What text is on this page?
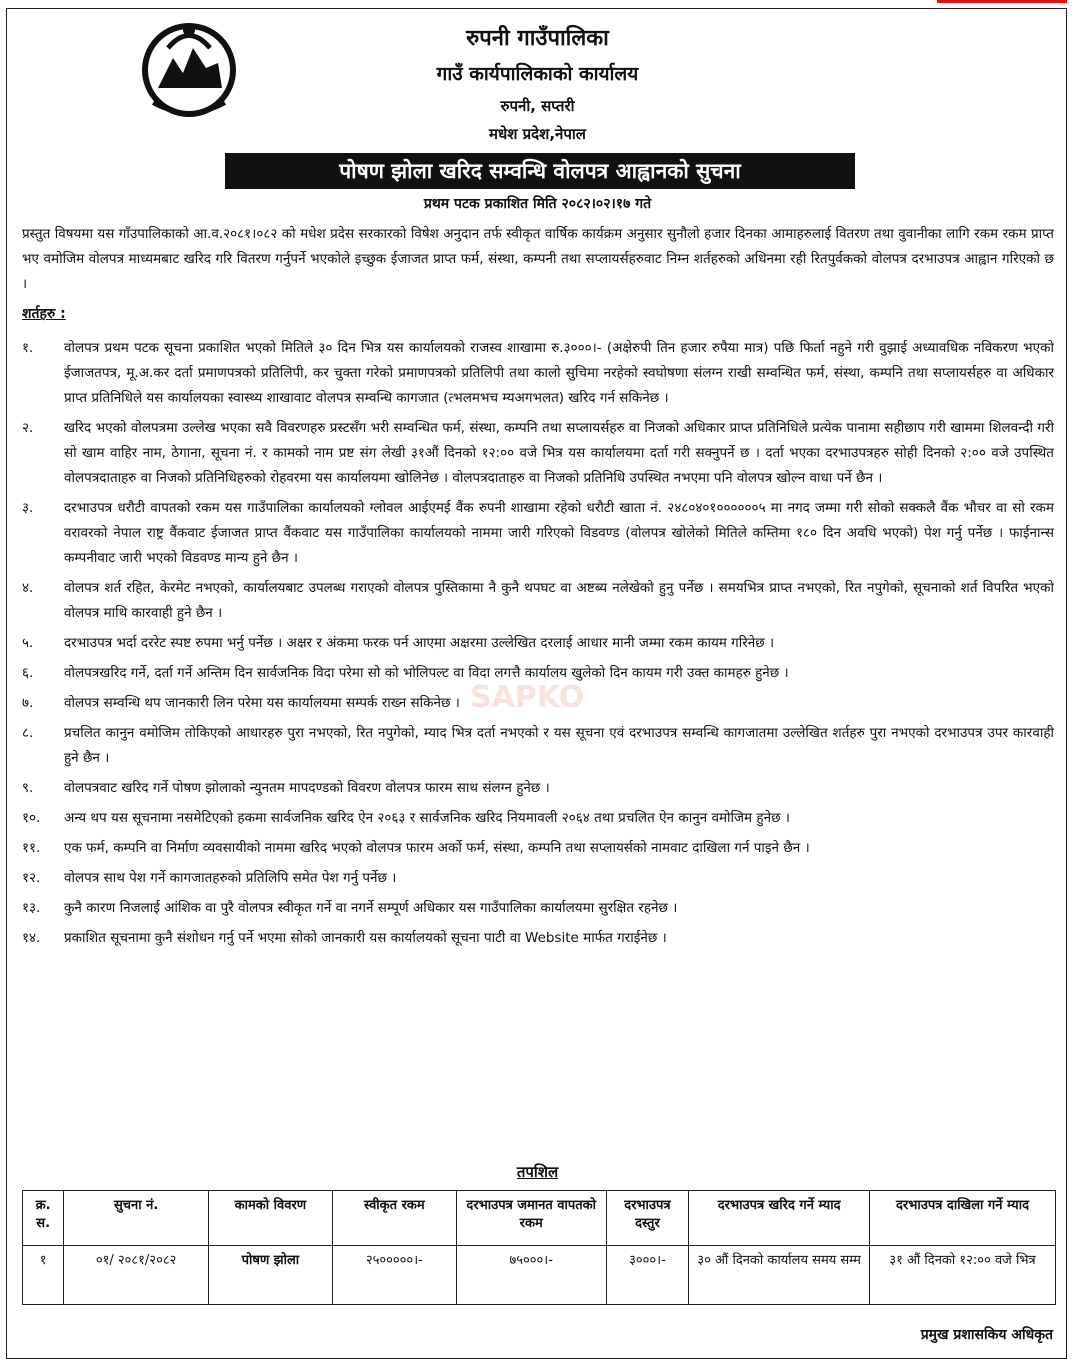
रुपनी गाउँपालिका
गाउँ कार्यपालिकाको कार्यालय
रुपनी, सप्तरी
मधेश प्रदेश,नेपाल
पोषण झोला खरिद सम्वन्धि वोलपत्र आह्वानको सुचना
प्रथम पटक प्रकाशित मिति २०८२।०२।१७ गते

प्रस्तुत विषयमा यस गाँउपालिकाको आ.व.२०८१।०८२ को मधेश प्रदेस सरकारको विषेश अनुदान तर्फ स्वीकृत वार्षिक कार्यक्रम अनुसार सुनौलो हजार दिनका आमाहरुलाई वितरण तथा वुवानीका लागि रकम रकम प्राप्त भए वमोजिम वोलपत्र माध्यमबाट खरिद गरि वितरण गर्नुपर्ने भएकोले इच्छुक ईजाजत प्राप्त फर्म, संस्था, कम्पनी तथा सप्लायर्सहरुवाट निम्न शर्तहरुको अधिनमा रही रितपुर्वकको वोलपत्र दरभाउपत्र आह्वान गरिएको छ ।

शर्तहरु :
१. वोलपत्र प्रथम पटक सूचना प्रकाशित भएको मितिले ३० दिन भित्र यस कार्यालयको राजस्व शाखामा रु.३०००।- (अक्षेरुपी तिन हजार रुपैया मात्र) पछि फिर्ता नहुने गरी वुझाई अध्यावधिक नविकरण भएको ईजाजतपत्र, मू.अ.कर दर्ता प्रमाणपत्रको प्रतिलिपी, कर चुक्ता गरेको प्रमाणपत्रको प्रतिलिपी तथा कालो सुचिमा नरहेको स्वघोषणा संलग्न राखी सम्वन्धित फर्म, संस्था, कम्पनि तथा सप्लायर्सहरु वा अधिकार प्राप्त प्रतिनिधिले यस कार्यालयका स्वास्थ्य शाखावाट वोलपत्र सम्वन्धि कागजात (त्भलमभच म्यअगभलत) खरिद गर्न सकिनेछ ।
२. खरिद भएको वोलपत्रमा उल्लेख भएका सवै विवरणहरु प्रस्टसँग भरी सम्वन्धित फर्म, संस्था, कम्पनि तथा सप्लायर्सहरु वा निजको अधिकार प्राप्त प्रतिनिधिले प्रत्येक पानामा सहीछाप गरी खाममा शिलवन्दी गरी सो खाम वाहिर नाम, ठेगाना, सूचना नं. र कामको नाम प्रष्ट संग लेखी ३१औं दिनको १२:०० वजे भित्र यस कार्यालयमा दर्ता गरी सक्नुपर्ने छ । दर्ता भएका दरभाउपत्रहरु सोही दिनको २:०० वजे उपस्थित वोलपत्रदाताहरु वा निजको प्रतिनिधिहरुको रोहवरमा यस कार्यालयमा खोलिनेछ । वोलपत्रदाताहरु वा निजको प्रतिनिधि उपस्थित नभएमा पनि वोलपत्र खोल्न वाधा पर्ने छैन ।
३. दरभाउपत्र धरौटी वापतको रकम यस गाउँपालिका कार्यालयको ग्लोवल आईएमई वैंक रुपनी शाखामा रहेको धरौटी खाता नं. २४८०४०१००००००५ मा नगद जम्मा गरी सोको सक्कलै वैंक भौचर वा सो रकम वरावरको नेपाल राष्ट्र वैंकवाट ईजाजत प्राप्त वैंकवाट यस गाउँपालिका कार्यालयको नाममा जारी गरिएको विडवण्ड (वोलपत्र खोलेको मितिले कम्तिमा १८० दिन अवधि भएको) पेश गर्नु पर्नेछ । फाईनान्स कम्पनीवाट जारी भएको विडवण्ड मान्य हुने छैन ।
४. वोलपत्र शर्त रहित, केरमेट नभएको, कार्यालयबाट उपलब्ध गराएको वोलपत्र पुस्तिकामा नै कुनै थपघट वा अष्टब्य नलेखेको हुनु पर्नेछ । समयभित्र प्राप्त नभएको, रित नपुगेको, सूचनाको शर्त विपरित भएको वोलपत्र माथि कारवाही हुने छैन ।
५. दरभाउपत्र भर्दा दररेट स्पष्ट रुपमा भर्नु पर्नेछ । अक्षर र अंकमा फरक पर्न आएमा अक्षरमा उल्लेखित दरलाई आधार मानी जम्मा रकम कायम गरिनेछ ।
६. वोलपत्रखरिद गर्ने, दर्ता गर्ने अन्तिम दिन सार्वजनिक विदा परेमा सो को भोलिपल्ट वा विदा लगत्तै कार्यालय खुलेको दिन कायम गरी उक्त कामहरु हुनेछ ।
७. वोलपत्र सम्वन्धि थप जानकारी लिन परेमा यस कार्यालयमा सम्पर्क राख्न सकिनेछ ।
८. प्रचलित कानुन वमोजिम तोकिएको आधारहरु पुरा नभएको, रित नपुगेको, म्याद भित्र दर्ता नभएको र यस सूचना एवं दरभाउपत्र सम्वन्धि कागजातमा उल्लेखित शर्तहरु पुरा नभएको दरभाउपत्र उपर कारवाही हुने छैन ।
९. वोलपत्रवाट खरिद गर्ने पोषण झोलाको न्युनतम मापदण्डको विवरण वोलपत्र फारम साथ संलग्न हुनेछ ।
१०. अन्य थप यस सूचनामा नसमेटिएको हकमा सार्वजनिक खरिद ऐन २०६३ र सार्वजनिक खरिद नियमावली २०६४ तथा प्रचलित ऐन कानुन वमोजिम हुनेछ ।
११. एक फर्म, कम्पनि वा निर्माण व्यवसायीको नाममा खरिद भएको वोलपत्र फारम अर्को फर्म, संस्था, कम्पनि तथा सप्लायर्सको नामवाट दाखिला गर्न पाइने छैन ।
१२. वोलपत्र साथ पेश गर्ने कागजातहरुको प्रतिलिपि समेत पेश गर्नु पर्नेछ ।
१३. कुनै कारण निजलाई आंशिक वा पुरै वोलपत्र स्वीकृत गर्ने वा नगर्ने सम्पूर्ण अधिकार यस गाउँपालिका कार्यालयमा सुरक्षित रहनेछ ।
१४. प्रकाशित सूचनामा कुनै संशोधन गर्नु पर्ने भएमा सोको जानकारी यस कार्यालयको सूचना पाटी वा Website मार्फत गराईनेछ ।
SAPKO
तपशिल
क्र. स.	सुचना नं.	कामको विवरण	स्वीकृत रकम	दरभाउपत्र जमानत वापतको रकम	दरभाउपत्र दस्तुर	दरभाउपत्र खरिद गर्ने म्याद	दरभाउपत्र दाखिला गर्ने म्याद
१	०१/ २०८१/२०८२	पोषण झोला	२५०००००।-	७५०००।-	३०००।-	३० औं दिनको कार्यालय समय सम्म	३१ औं दिनको १२:०० वजे भित्र
प्रमुख प्रशासकिय अधिकृत
